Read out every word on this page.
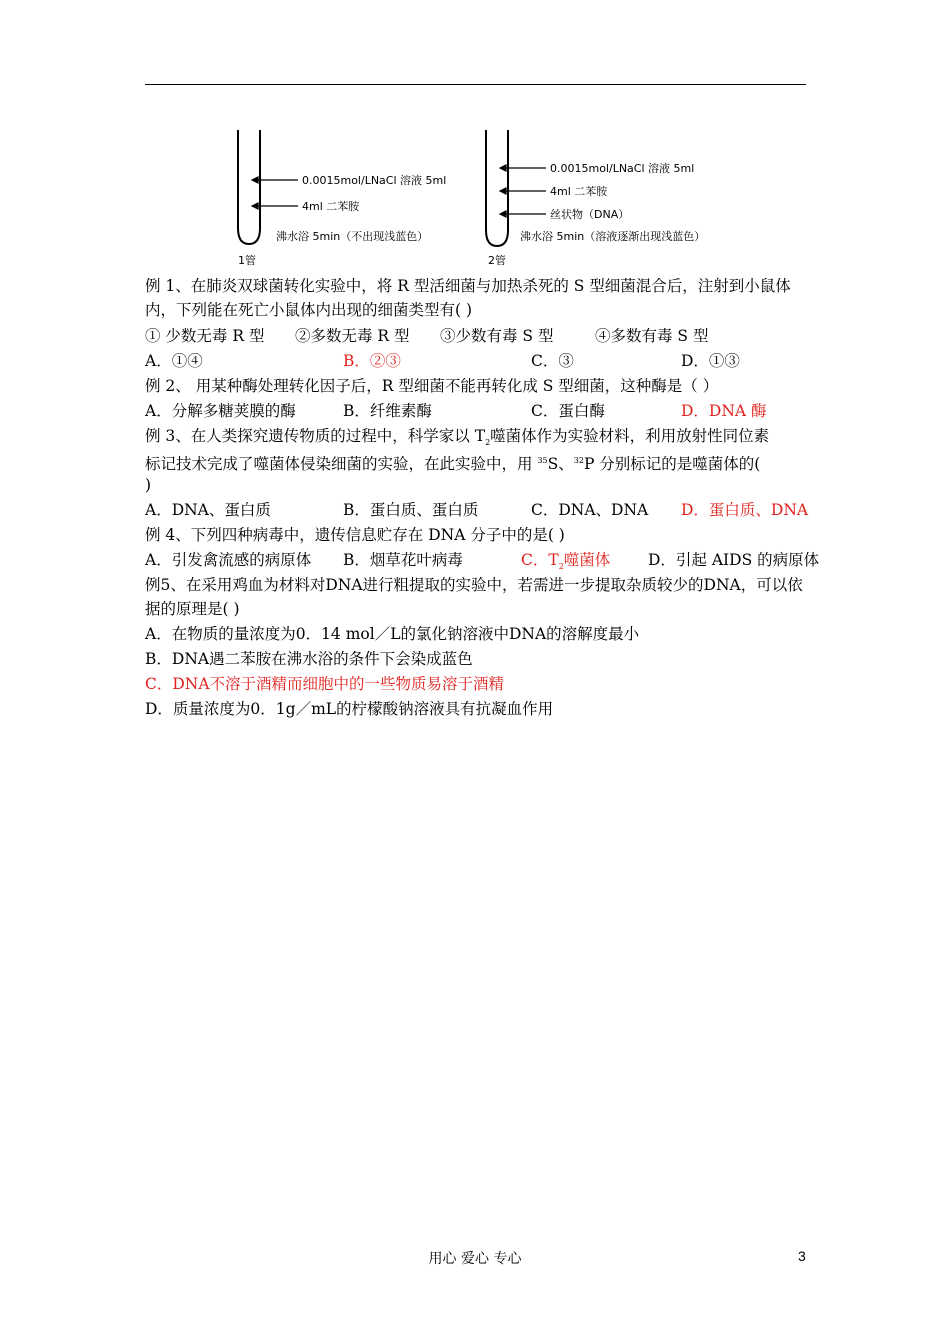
0.0015mol/LNaCl 溶液 5ml
4ml 二苯胺
沸水浴 5min（不出现浅蓝色）
1管
0.0015mol/LNaCl 溶液 5ml
4ml 二苯胺
丝状物（DNA）
沸水浴 5min（溶液逐渐出现浅蓝色）
2管
例 1、在肺炎双球菌转化实验中，将 R 型活细菌与加热杀死的 S 型细菌混合后，注射到小鼠体
内，下列能在死亡小鼠体内出现的细菌类型有( )
① 少数无毒 R 型 ②多数无毒 R 型 ③少数有毒 S 型	④多数有毒 S 型
A．①④	B．②③	C．③	D．①③
例 2、 用某种酶处理转化因子后，R 型细菌不能再转化成 S 型细菌，这种酶是（ ）
A．分解多糖荚膜的酶	B．纤维素酶	C．蛋白酶	D．DNA 酶
例 3、在人类探究遗传物质的过程中，科学家以 $T_2$噬菌体作为实验材料，利用放射性同位素
标记技术完成了噬菌体侵染细菌的实验，在此实验中，用 $^{35}$S、$^{32}$P 分别标记的是噬菌体的(
)
A．DNA、蛋白质	B．蛋白质、蛋白质	C．DNA、DNA D．蛋白质、DNA
例 4、下列四种病毒中，遗传信息贮存在 DNA 分子中的是( )
A．引发禽流感的病原体 B．烟草花叶病毒	C．$T_2$噬菌体 D．引起 AIDS 的病原体
例5、在采用鸡血为材料对DNA进行粗提取的实验中，若需进一步提取杂质较少的DNA，可以依
据的原理是( )
A．在物质的量浓度为0．14 mol／L的氯化钠溶液中DNA的溶解度最小
B．DNA遇二苯胺在沸水浴的条件下会染成蓝色
C．DNA不溶于酒精而细胞中的一些物质易溶于酒精
D．质量浓度为0．1g／mL的柠檬酸钠溶液具有抗凝血作用
用心 爱心 专心	3
